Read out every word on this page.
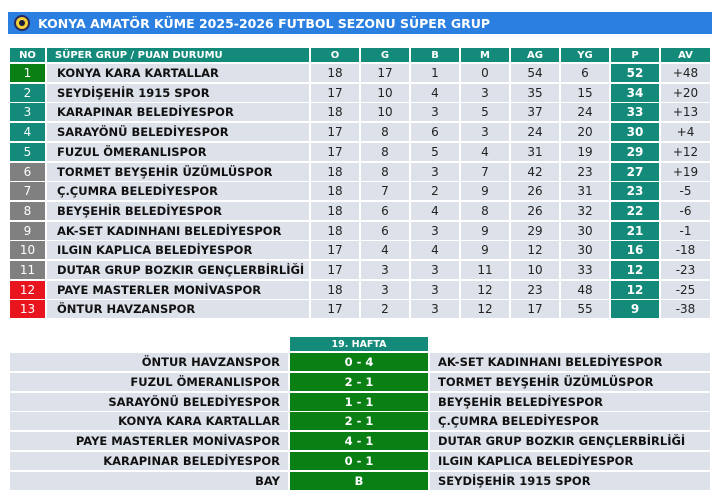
KONYA AMATÖR KÜME 2025-2026 FUTBOL SEZONU SÜPER GRUP
NO	SÜPER GRUP / PUAN DURUMU	O	G	B	M	AG	YG	P	AV
1	KONYA KARA KARTALLAR	18	17	1	0	54	6	52	+48
2	SEYDİŞEHİR 1915 SPOR	17	10	4	3	35	15	34	+20
3	KARAPINAR BELEDİYESPOR	18	10	3	5	37	24	33	+13
4	SARAYÖNÜ BELEDİYESPOR	17	8	6	3	24	20	30	+4
5	FUZUL ÖMERANLISPOR	17	8	5	4	31	19	29	+12
6	TORMET BEYŞEHİR ÜZÜMLÜSPOR	18	8	3	7	42	23	27	+19
7	Ç.ÇUMRA BELEDİYESPOR	18	7	2	9	26	31	23	-5
8	BEYŞEHİR BELEDİYESPOR	18	6	4	8	26	32	22	-6
9	AK-SET KADINHANI BELEDİYESPOR	18	6	3	9	29	30	21	-1
10	ILGIN KAPLICA BELEDİYESPOR	17	4	4	9	12	30	16	-18
11	DUTAR GRUP BOZKIR GENÇLERBİRLİĞİ	17	3	3	11	10	33	12	-23
12	PAYE MASTERLER MONİVASPOR	18	3	3	12	23	48	12	-25
13	ÖNTUR HAVZANSPOR	17	2	3	12	17	55	9	-38
19. HAFTA
ÖNTUR HAVZANSPOR	0 - 4	AK-SET KADINHANI BELEDİYESPOR
FUZUL ÖMERANLISPOR	2 - 1	TORMET BEYŞEHİR ÜZÜMLÜSPOR
SARAYÖNÜ BELEDİYESPOR	1 - 1	BEYŞEHİR BELEDİYESPOR
KONYA KARA KARTALLAR	2 - 1	Ç.ÇUMRA BELEDİYESPOR
PAYE MASTERLER MONİVASPOR	4 - 1	DUTAR GRUP BOZKIR GENÇLERBİRLİĞİ
KARAPINAR BELEDİYESPOR	0 - 1	ILGIN KAPLICA BELEDİYESPOR
BAY	B	SEYDİŞEHİR 1915 SPOR
